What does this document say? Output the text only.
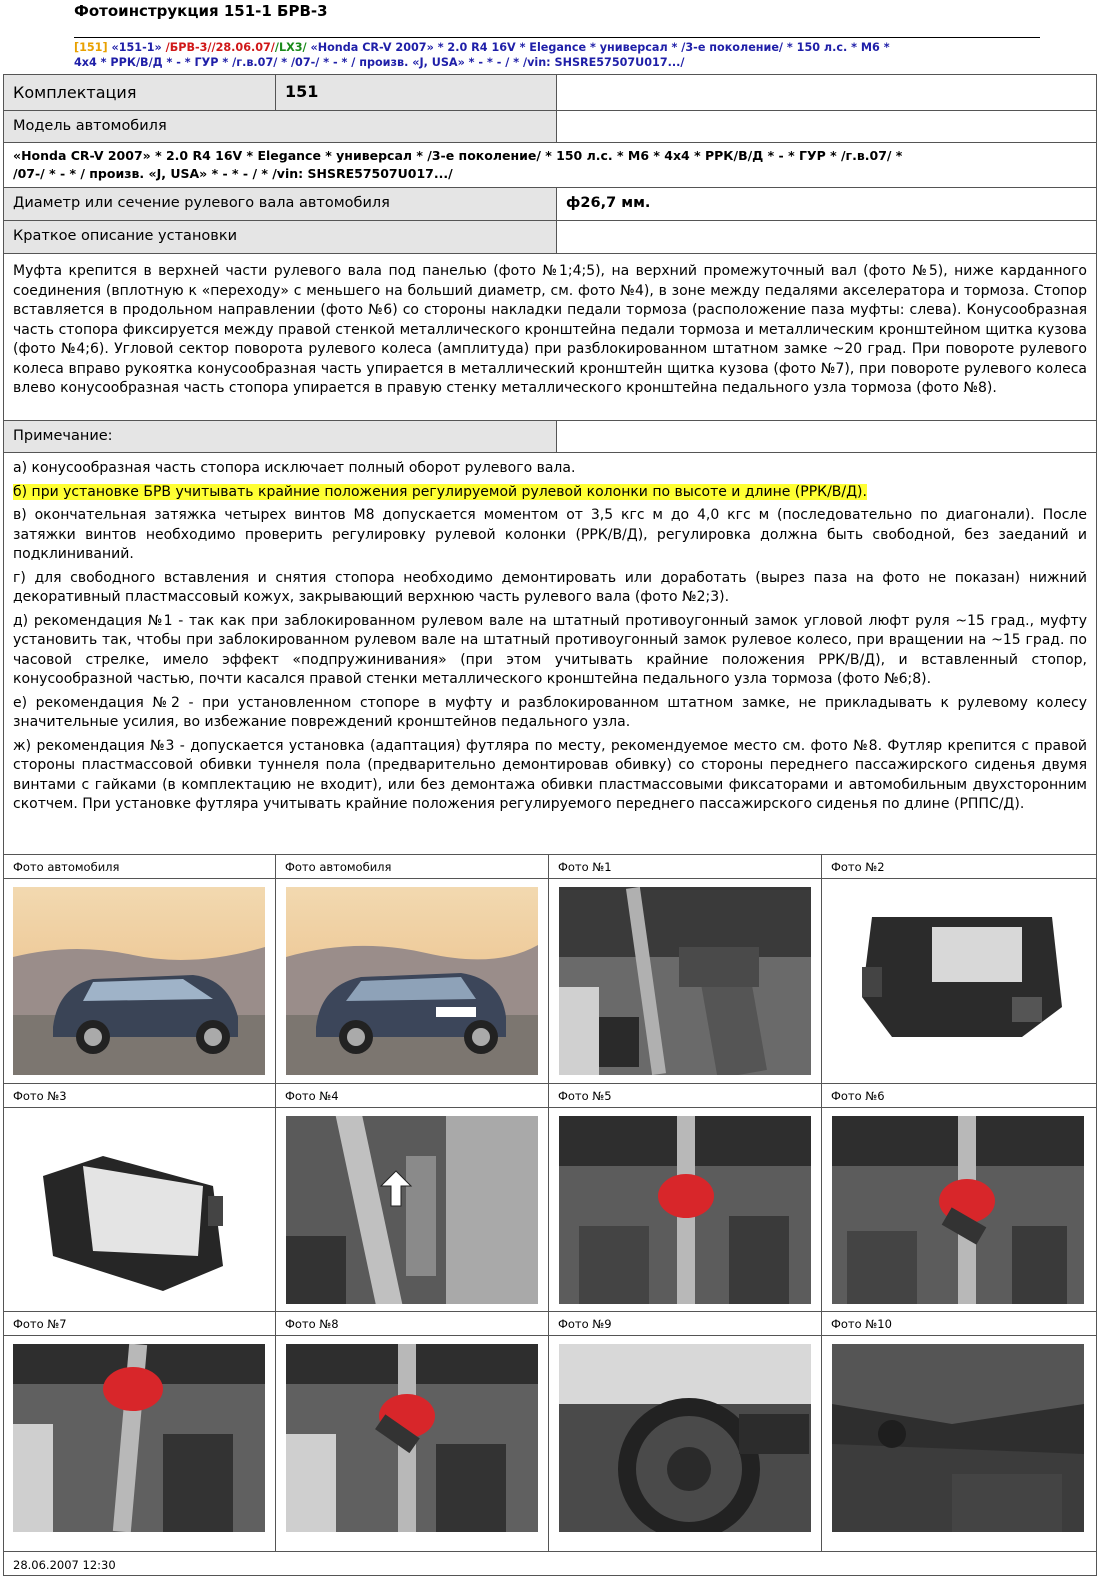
Фотоинструкция 151-1 БРВ-3
[151] «151-1» /БРВ-3//28.06.07//LX3/ «Honda CR-V 2007» * 2.0 R4 16V * Elegance * универсал * /3-е поколение/ * 150 л.с. * M6 *
4x4 * РРК/В/Д * - * ГУР * /г.в.07/ * /07-/ * - * / произв. «J, USA» * - * - / * /vin: SHSRE57507U017.../
Комплектация	151
Модель автомобиля
«Honda CR-V 2007» * 2.0 R4 16V * Elegance * универсал * /3-е поколение/ * 150 л.с. * M6 * 4x4 * РРК/В/Д * - * ГУР * /г.в.07/ *
/07-/ * - * / произв. «J, USA» * - * - / * /vin: SHSRE57507U017.../
Диаметр или сечение рулевого вала автомобиля	ф26,7 мм.
Краткое описание установки
Муфта крепится в верхней части рулевого вала под панелью (фото №1;4;5), на верхний промежуточный вал (фото №5), ниже карданного соединения (вплотную к «переходу» с меньшего на больший диаметр, см. фото №4), в зоне между педалями акселератора и тормоза. Стопор вставляется в продольном направлении (фото №6) со стороны накладки педали тормоза (расположение паза муфты: слева). Конусообразная часть стопора фиксируется между правой стенкой металлического кронштейна педали тормоза и металлическим кронштейном щитка кузова (фото №4;6). Угловой сектор поворота рулевого колеса (амплитуда) при разблокированном штатном замке ~20 град. При повороте рулевого колеса вправо рукоятка конусообразная часть упирается в металлический кронштейн щитка кузова (фото №7), при повороте рулевого колеса влево конусообразная часть стопора упирается в правую стенку металлического кронштейна педального узла тормоза (фото №8).
Примечание:
а) конусообразная часть стопора исключает полный оборот рулевого вала.
б) при установке БРВ учитывать крайние положения регулируемой рулевой колонки по высоте и длине (РРК/В/Д).
в) окончательная затяжка четырех винтов М8 допускается моментом от 3,5 кгс м до 4,0 кгс м (последовательно по диагонали). После затяжки винтов необходимо проверить регулировку рулевой колонки (РРК/В/Д), регулировка должна быть свободной, без заеданий и подклиниваний.
г) для свободного вставления и снятия стопора необходимо демонтировать или доработать (вырез паза на фото не показан) нижний декоративный пластмассовый кожух, закрывающий верхнюю часть рулевого вала (фото №2;3).
д) рекомендация №1 - так как при заблокированном рулевом вале на штатный противоугонный замок угловой люфт руля ~15 град., муфту установить так, чтобы при заблокированном рулевом вале на штатный противоугонный замок рулевое колесо, при вращении на ~15 град. по часовой стрелке, имело эффект «подпружинивания» (при этом учитывать крайние положения РРК/В/Д), и вставленный стопор, конусообразной частью, почти касался правой стенки металлического кронштейна педального узла тормоза (фото №6;8).
е) рекомендация №2 - при установленном стопоре в муфту и разблокированном штатном замке, не прикладывать к рулевому колесу значительные усилия, во избежание повреждений кронштейнов педального узла.
ж) рекомендация №3 - допускается установка (адаптация) футляра по месту, рекомендуемое место см. фото №8. Футляр крепится с правой стороны пластмассовой обивки туннеля пола (предварительно демонтировав обивку) со стороны переднего пассажирского сиденья двумя винтами с гайками (в комплектацию не входит), или без демонтажа обивки пластмассовыми фиксаторами и автомобильным двухсторонним скотчем. При установке футляра учитывать крайние положения регулируемого переднего пассажирского сиденья по длине (РППС/Д).
Фото автомобиля	Фото автомобиля	Фото №1	Фото №2
Фото №3	Фото №4	Фото №5	Фото №6
Фото №7	Фото №8	Фото №9	Фото №10
28.06.2007 12:30
